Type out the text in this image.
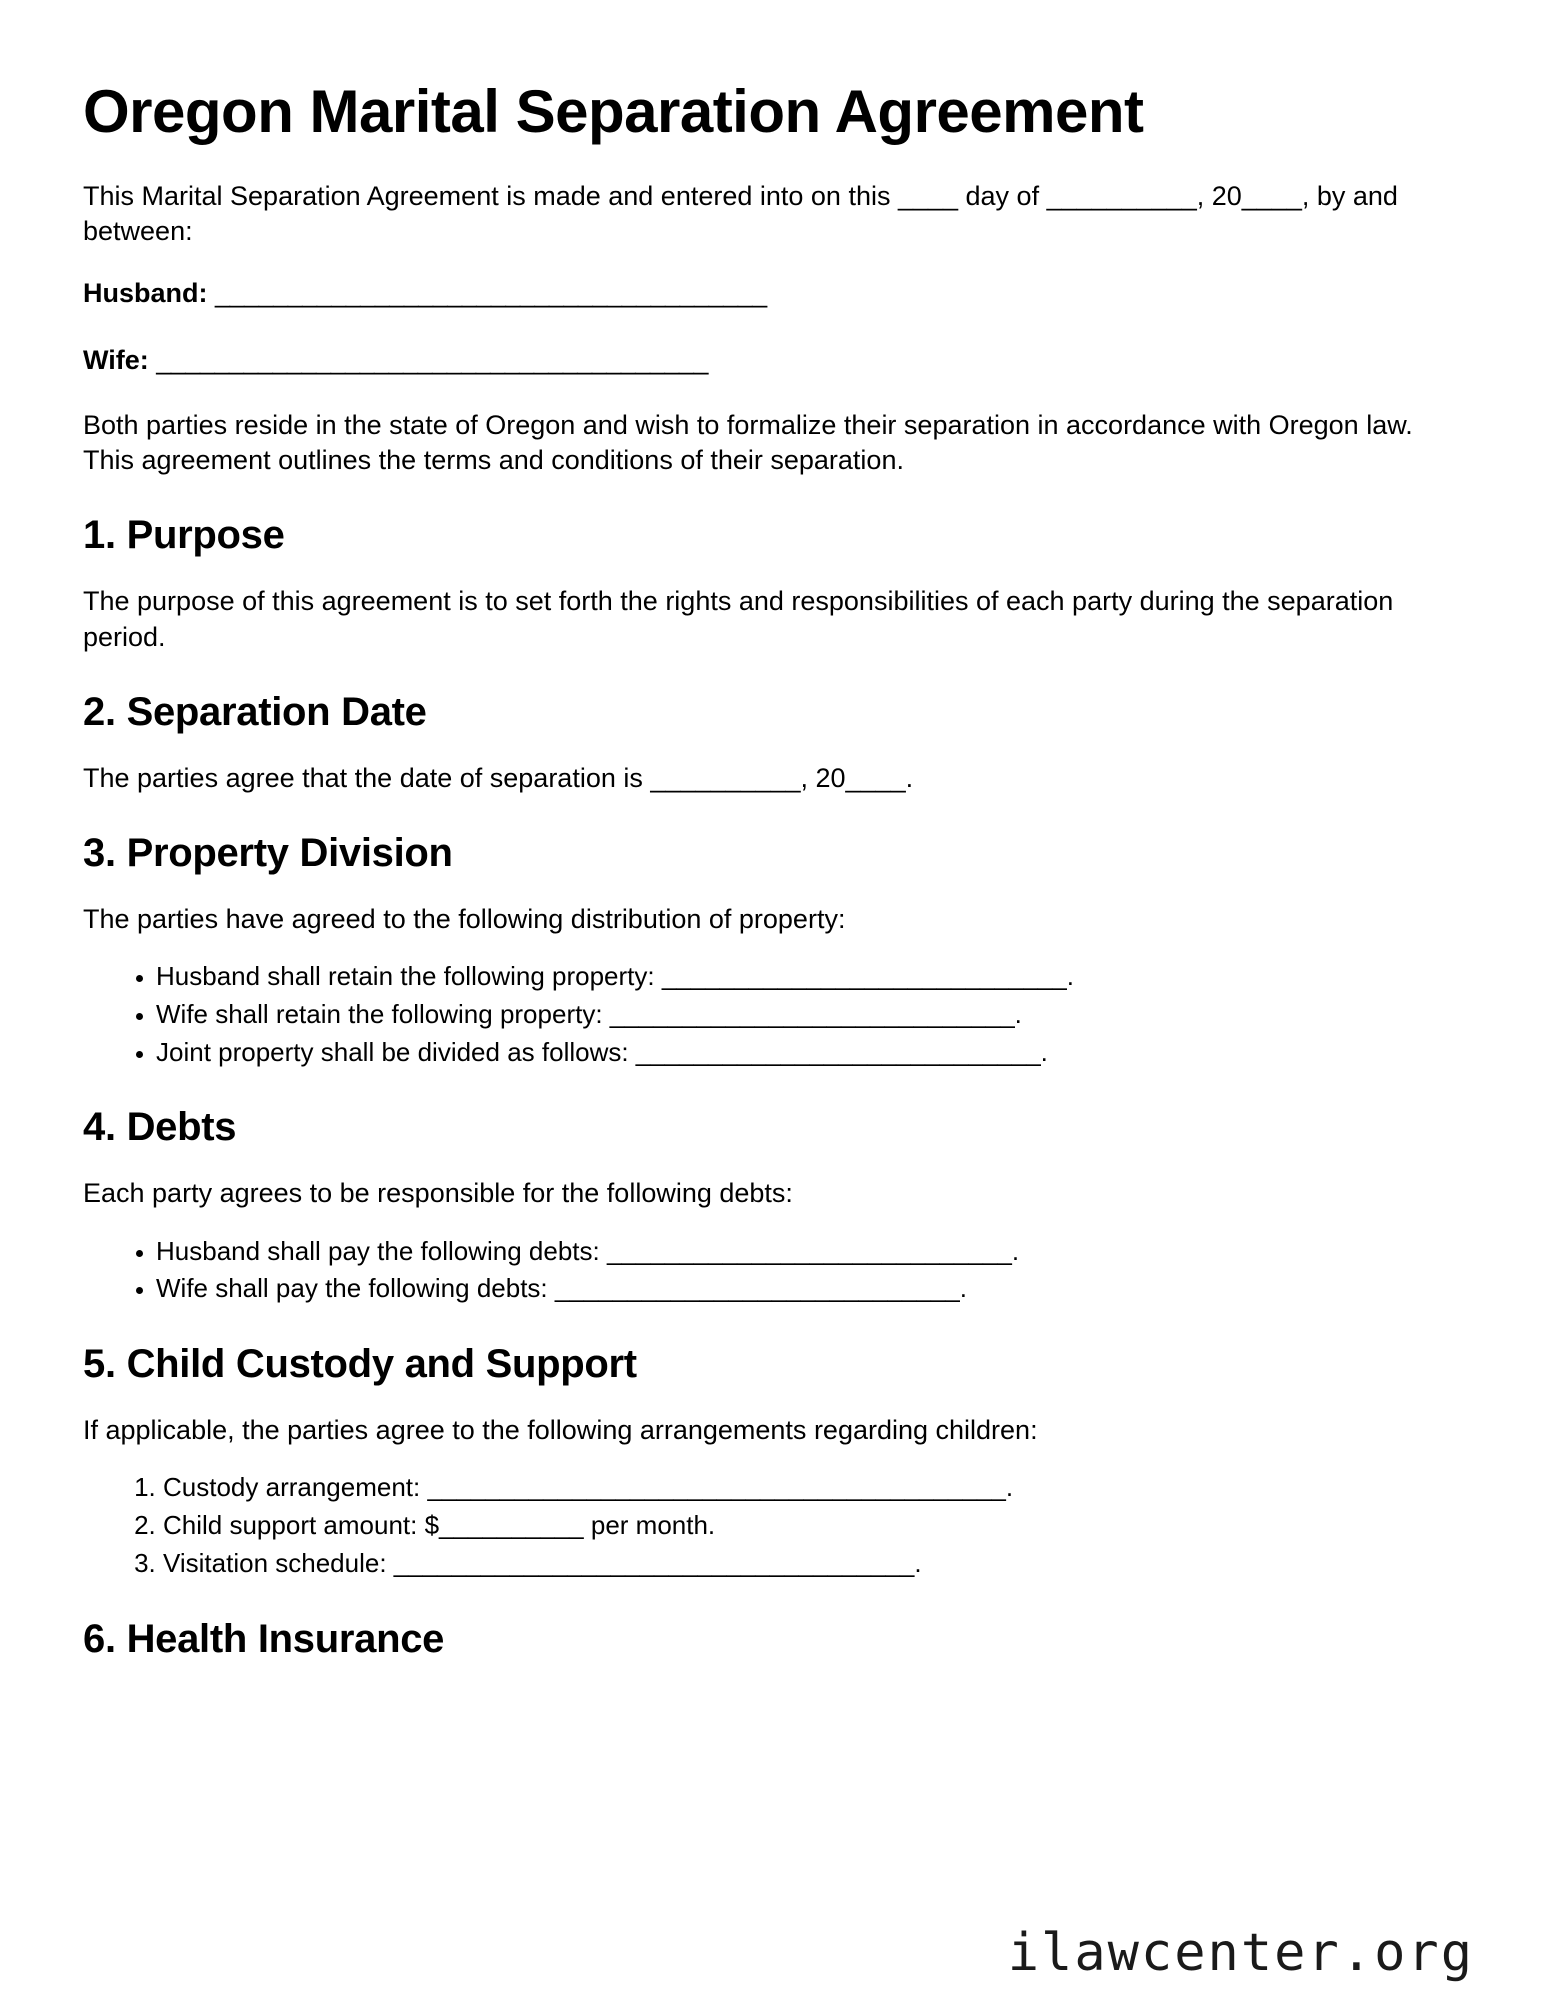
Oregon Marital Separation Agreement

This Marital Separation Agreement is made and entered into on this ____ day of __________, 20____, by and between:

Husband: ______________________________________
Wife: ______________________________________

Both parties reside in the state of Oregon and wish to formalize their separation in accordance with Oregon law. This agreement outlines the terms and conditions of their separation.

1. Purpose

The purpose of this agreement is to set forth the rights and responsibilities of each party during the separation period.

2. Separation Date

The parties agree that the date of separation is __________, 20____.

3. Property Division

The parties have agreed to the following distribution of property:

• Husband shall retain the following property: ____________________________.
• Wife shall retain the following property: ____________________________.
• Joint property shall be divided as follows: ____________________________.
4. Debts

Each party agrees to be responsible for the following debts:

• Husband shall pay the following debts: ____________________________.
• Wife shall pay the following debts: ____________________________.
5. Child Custody and Support

If applicable, the parties agree to the following arrangements regarding children:

1. Custody arrangement: ________________________________________.
2. Child support amount: $__________ per month.
3. Visitation schedule: ____________________________________.
6. Health Insurance
ilawcenter.org
